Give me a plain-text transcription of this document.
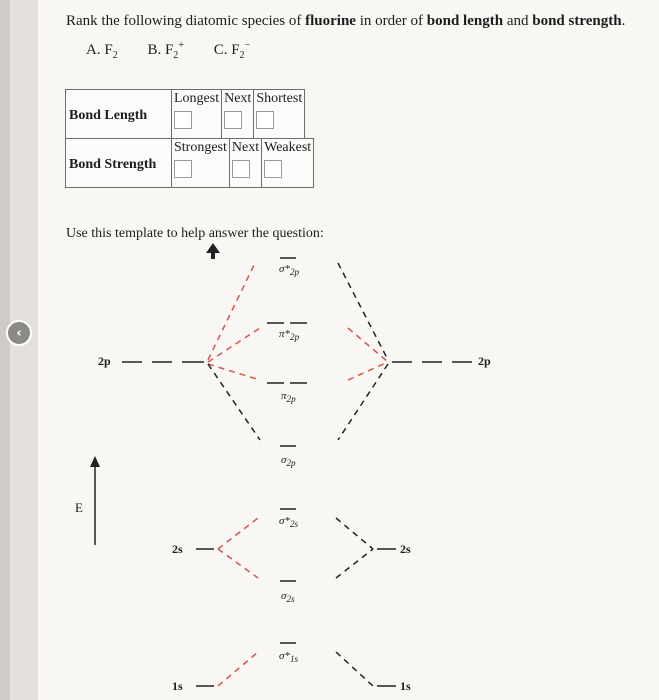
‹
Rank the following diatomic species of fluorine in order of bond length and bond strength.
A. $F_2$ B. $F_2^+$ C. $F_2^-$
Bond Length	
Longest	Next	Shortest
Bond Strength	
Strongest	Next	Weakest
Use this template to help answer the question:
E
2p	2p
2s	2s
1s	1s
$\sigma*_{2p}$
$\pi*_{2p}$
$\pi_{2p}$
$\sigma_{2p}$
$\sigma*_{2s}$
$\sigma_{2s}$
$\sigma*_{1s}$
